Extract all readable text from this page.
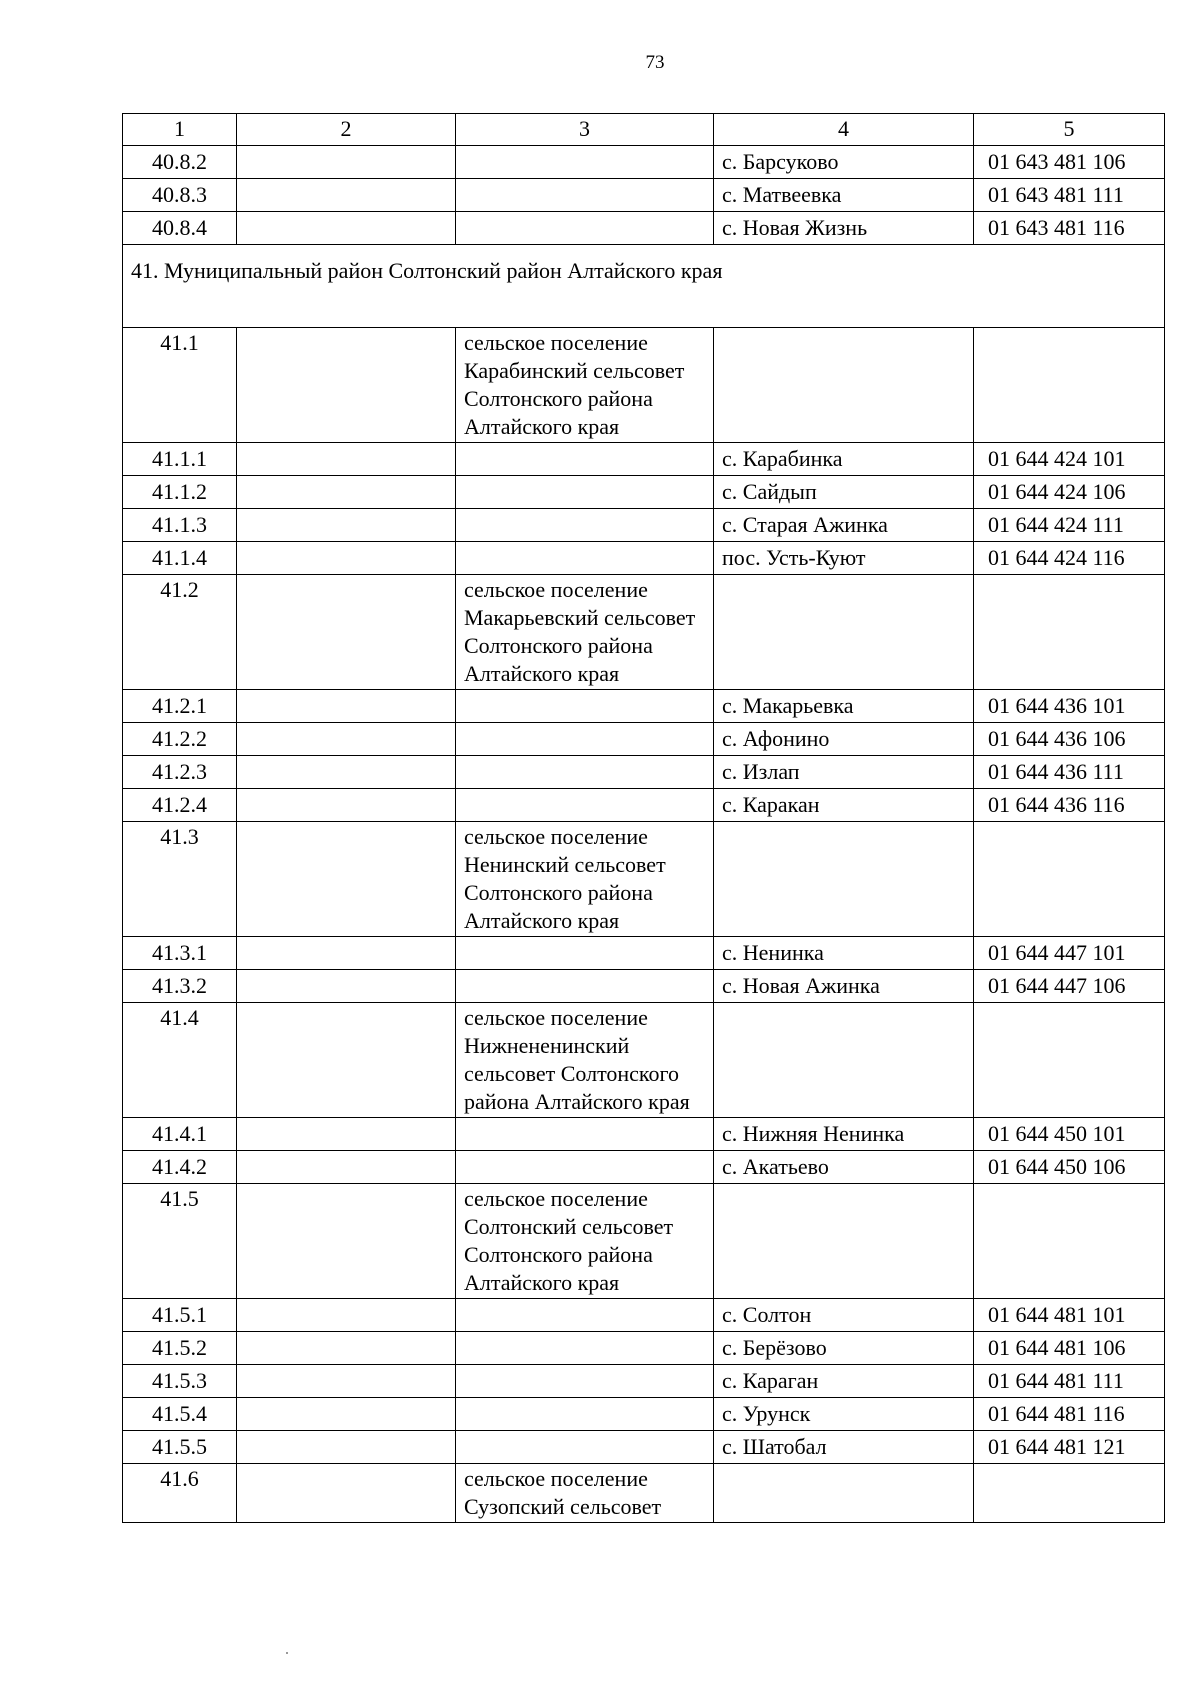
73
1	2	3	4	5
40.8.2			с. Барсуково	01 643 481 106
40.8.3			с. Матвеевка	01 643 481 111
40.8.4			с. Новая Жизнь	01 643 481 116
41. Муниципальный район Солтонский район Алтайского края				
41.1		сельское поселение Карабинский сельсовет Солтонского района Алтайского края		
41.1.1			с. Карабинка	01 644 424 101
41.1.2			с. Сайдып	01 644 424 106
41.1.3			с. Старая Ажинка	01 644 424 111
41.1.4			пос. Усть-Куют	01 644 424 116
41.2		сельское поселение Макарьевский сельсовет Солтонского района Алтайского края		
41.2.1			с. Макарьевка	01 644 436 101
41.2.2			с. Афонино	01 644 436 106
41.2.3			с. Излап	01 644 436 111
41.2.4			с. Каракан	01 644 436 116
41.3		сельское поселение Ненинский сельсовет Солтонского района Алтайского края		
41.3.1			с. Ненинка	01 644 447 101
41.3.2			с. Новая Ажинка	01 644 447 106
41.4		сельское поселение Нижнененинский сельсовет Солтонского района Алтайского края		
41.4.1			с. Нижняя Ненинка	01 644 450 101
41.4.2			с. Акатьево	01 644 450 106
41.5		сельское поселение Солтонский сельсовет Солтонского района Алтайского края		
41.5.1			с. Солтон	01 644 481 101
41.5.2			с. Берёзово	01 644 481 106
41.5.3			с. Караган	01 644 481 111
41.5.4			с. Урунск	01 644 481 116
41.5.5			с. Шатобал	01 644 481 121
41.6		сельское поселение Сузопский сельсовет		
